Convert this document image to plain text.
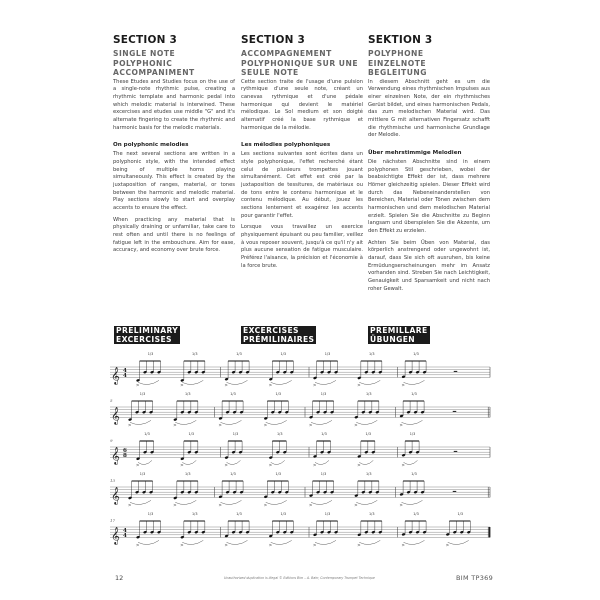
SECTION 3
SINGLE NOTE
POLYPHONIC
ACCOMPANIMENT

These Etudes and Studies focus on the use of a single-note rhythmic pulse, creating a rhythmic template and harmonic pedal into which melodic material is interwined. These excercises and etudes use middle "G" and it's alternate fingering to create the rhythmic and harmonic basis for the melodic materials.

On polyphonic melodies

The next several sections are written in a polyphonic style, with the intended effect being of multiple horns playing simultaneously. This effect is created by the juxtaposition of ranges, material, or tones between the harmonic and melodic material. Play sections slowly to start and overplay accents to ensure the effect.

When practicing any material that is physically draining or unfamiliar, take care to rest often and until there is no feelings of fatigue left in the embouchure. Aim for ease, accuracy, and economy over brute force.

SECTION 3
ACCOMPAGNEMENT
POLYPHONIQUE SUR UNE
SEULE NOTE

Cette section traite de l'usage d'une pulsion rythmique d'une seule note, créant un canevas rythmique et d'une pédale harmonique qui devient le matériel mélodique. Le Sol medium et son doigté alternatif créé la base rythmique et harmonique de la mélodie.

Les mélodies polyphoniques

Les sections suivantes sont écrites dans un style polyphonique, l'effet recherché étant celui de plusieurs trompettes jouant simultanément. Cet effet est créé par la juxtaposition de tessitures, de matériaux ou de tons entre le contenu harmonique et le contenu mélodique. Au début, jouez les sections lentement et exagérez les accents pour garantir l'effet.

Lorsque vous travaillez un exercice physiquement épuisant ou peu familier, veillez à vous reposer souvent, jusqu'à ce qu'il n'y ait plus aucune sensation de fatigue musculaire. Préférez l'aisance, la précision et l'économie à la force brute.

SEKTION 3
POLYPHONE
EINZELNOTE
BEGLEITUNG

In diesem Abschnitt geht es um die Verwendung eines rhythmischen Impulses aus einer einzelnen Note, der ein rhythmisches Gerüst bildet, und eines harmonischen Pedals, das zum melodischen Material wird. Das mittlere G mit alternativen Fingersatz schafft die rhythmische und harmonische Grundlage der Melodie.

Über mehrstimmige Melodien

Die nächsten Abschnitte sind in einem polyphonen Stil geschrieben, wobei der beabsichtigte Effekt der ist, dass mehrere Hörner gleichzeitig spielen. Dieser Effekt wird durch das Nebeneinanderstellen von Bereichen, Material oder Tönen zwischen dem harmonischen und dem melodischen Material erzielt. Spielen Sie die Abschnitte zu Beginn langsam und überspielen Sie die Akzente, um den Effekt zu erzielen.

Achten Sie beim Üben von Material, das körperlich anstrengend oder ungewohnt ist, darauf, dass Sie sich oft ausruhen, bis keine Ermüdungserscheinungen mehr im Ansatz vorhanden sind. Streben Sie nach Leichtigkeit, Genauigkeit und Sparsamkeit und nicht nach roher Gewalt.

PRELIMINARY
EXCERCISES
EXCERCISES
PRÉMILINAIRES
PREMILLARE
ÜBUNGEN
𝄞 4
4
>
1/3
>
1/3
>
1/3
>
1/3
>
1/3
>
1/3
>
1/3
𝄞
5
>
1/3
>
1/3
>
1/3
>
1/3
>
1/3
>
1/3
>
1/3
𝄞
9
6
8
>
1/3
>
1/3
>
1/3
>
1/3
>
1/3
>
1/3
>
1/3
𝄞
13
>
1/3
>
1/3
>
1/3
>
1/3
>
1/3
>
1/3
>
1/3
𝄞
17
4
4
>
1/3
>
1/3
>
1/3
>
1/3
>
1/3
>
1/3
>
1/3
>
1/3
12	Unauthorized duplication is illegal © Editions Bim – A. Bahr, Contemporary Trumpet Technique	BIM TP369
